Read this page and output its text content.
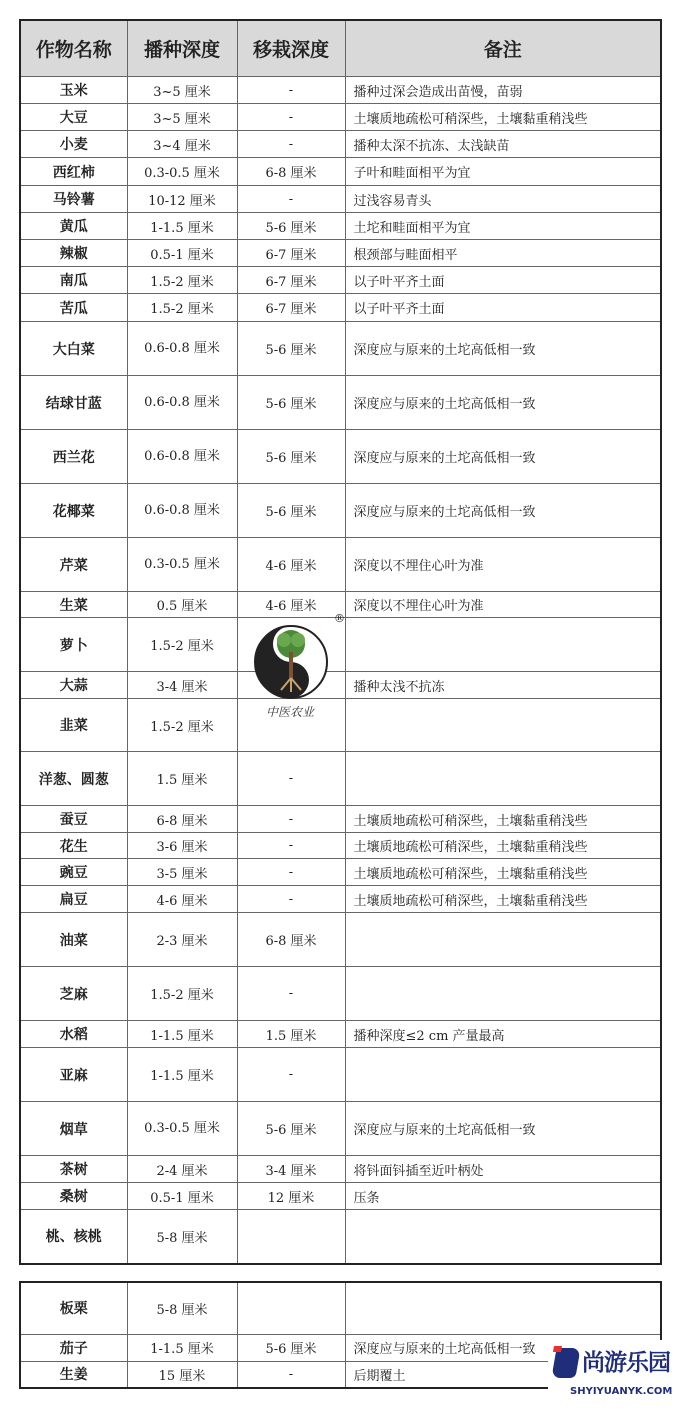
作物名称	播种深度	移栽深度	备注
玉米	3~5 厘米	-	播种过深会造成出苗慢，苗弱
大豆	3~5 厘米	-	土壤质地疏松可稍深些，土壤黏重稍浅些
小麦	3~4 厘米	-	播种太深不抗冻、太浅缺苗
西红柿	0.3-0.5 厘米	6-8 厘米	子叶和畦面相平为宜
马铃薯	10-12 厘米	-	过浅容易青头
黄瓜	1-1.5 厘米	5-6 厘米	土坨和畦面相平为宜
辣椒	0.5-1 厘米	6-7 厘米	根颈部与畦面相平
南瓜	1.5-2 厘米	6-7 厘米	以子叶平齐土面
苦瓜	1.5-2 厘米	6-7 厘米	以子叶平齐土面
大白菜	0.6-0.8 厘米	5-6 厘米	深度应与原来的土坨高低相一致
结球甘蓝	0.6-0.8 厘米	5-6 厘米	深度应与原来的土坨高低相一致
西兰花	0.6-0.8 厘米	5-6 厘米	深度应与原来的土坨高低相一致
花椰菜	0.6-0.8 厘米	5-6 厘米	深度应与原来的土坨高低相一致
芹菜	0.3-0.5 厘米	4-6 厘米	深度以不埋住心叶为准
生菜	0.5 厘米	4-6 厘米	深度以不埋住心叶为准
萝卜	1.5-2 厘米		
大蒜	3-4 厘米		播种太浅不抗冻
韭菜	1.5-2 厘米		
洋葱、圆葱	1.5 厘米	-	
蚕豆	6-8 厘米	-	土壤质地疏松可稍深些，土壤黏重稍浅些
花生	3-6 厘米	-	土壤质地疏松可稍深些，土壤黏重稍浅些
豌豆	3-5 厘米	-	土壤质地疏松可稍深些，土壤黏重稍浅些
扁豆	4-6 厘米	-	土壤质地疏松可稍深些，土壤黏重稍浅些
油菜	2-3 厘米	6-8 厘米	
芝麻	1.5-2 厘米	-	
水稻	1-1.5 厘米	1.5 厘米	播种深度≤2 cm 产量最高
亚麻	1-1.5 厘米	-	
烟草	0.3-0.5 厘米	5-6 厘米	深度应与原来的土坨高低相一致
茶树	2-4 厘米	3-4 厘米	将钭面钭插至近叶柄处
桑树	0.5-1 厘米	12 厘米	压条
桃、核桃	5-8 厘米		
板栗	5-8 厘米		
茄子	1-1.5 厘米	5-6 厘米	深度应与原来的土坨高低相一致
生姜	15 厘米	-	后期覆土
®
中医农业
尚游乐园
SHYIYUANYK.COM
